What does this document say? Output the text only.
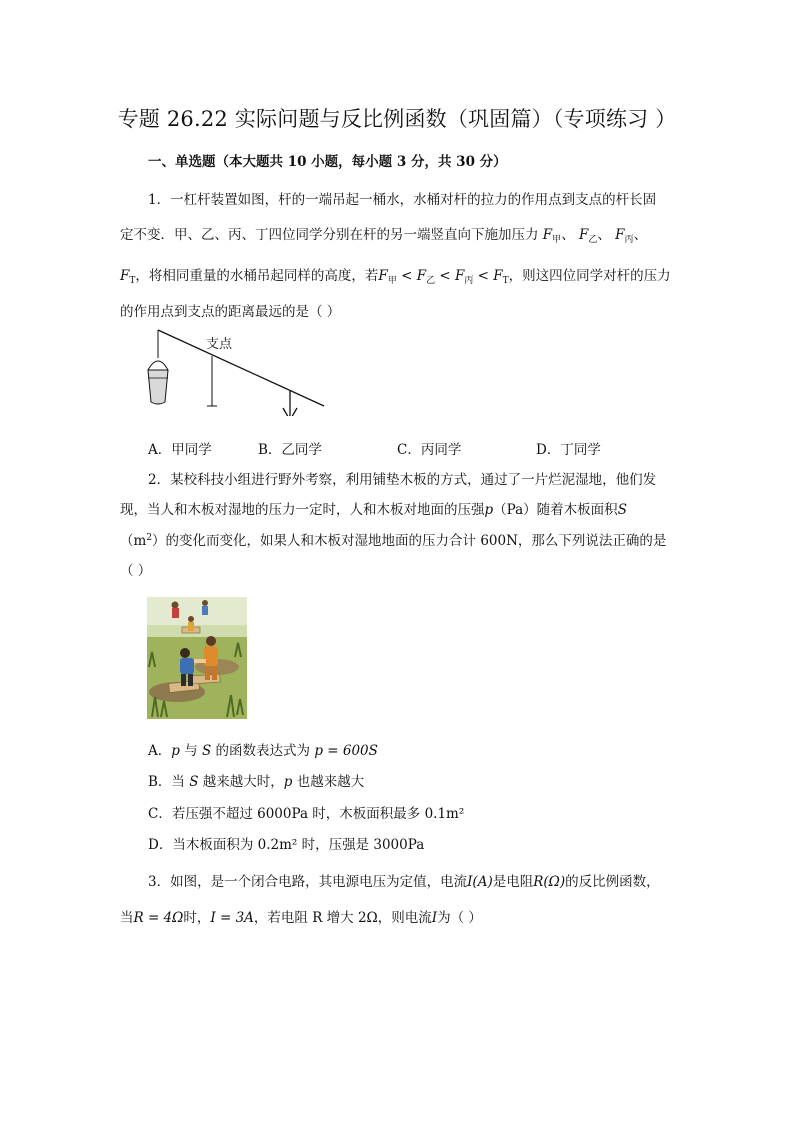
专题 26.22 实际问题与反比例函数（巩固篇）（专项练习 ）
一、单选题（本大题共 10 小题，每小题 3 分，共 30 分）
1．一杠杆装置如图，杆的一端吊起一桶水，水桶对杆的拉力的作用点到支点的杆长固
定不变．甲、乙、丙、丁四位同学分别在杆的另一端竖直向下施加压力 $F_甲$、 $F_乙$、 $F_丙$、
$F_T$，将相同重量的水桶吊起同样的高度，若$F_甲 < F_乙 < F_丙 < F_T$，则这四位同学对杆的压力
的作用点到支点的距离最远的是（ ）
支点
A．甲同学	B．乙同学	C．丙同学	D．丁同学
2．某校科技小组进行野外考察，利用铺垫木板的方式，通过了一片烂泥湿地，他们发
现，当人和木板对湿地的压力一定时，人和木板对地面的压强p（Pa）随着木板面积S
$(m^2)$的变化而变化，如果人和木板对湿地地面的压力合计 600N，那么下列说法正确的是
（ ）
A．p 与 S 的函数表达式为 p = 600S
B．当 S 越来越大时，p 也越来越大
C．若压强不超过 6000Pa 时，木板面积最多 0.1m²
D．当木板面积为 0.2m² 时，压强是 3000Pa
3．如图，是一个闭合电路，其电源电压为定值，电流I(A)是电阻R(Ω)的反比例函数，
当R = 4Ω时，I = 3A，若电阻 R 增大 2Ω，则电流I为（ ）
